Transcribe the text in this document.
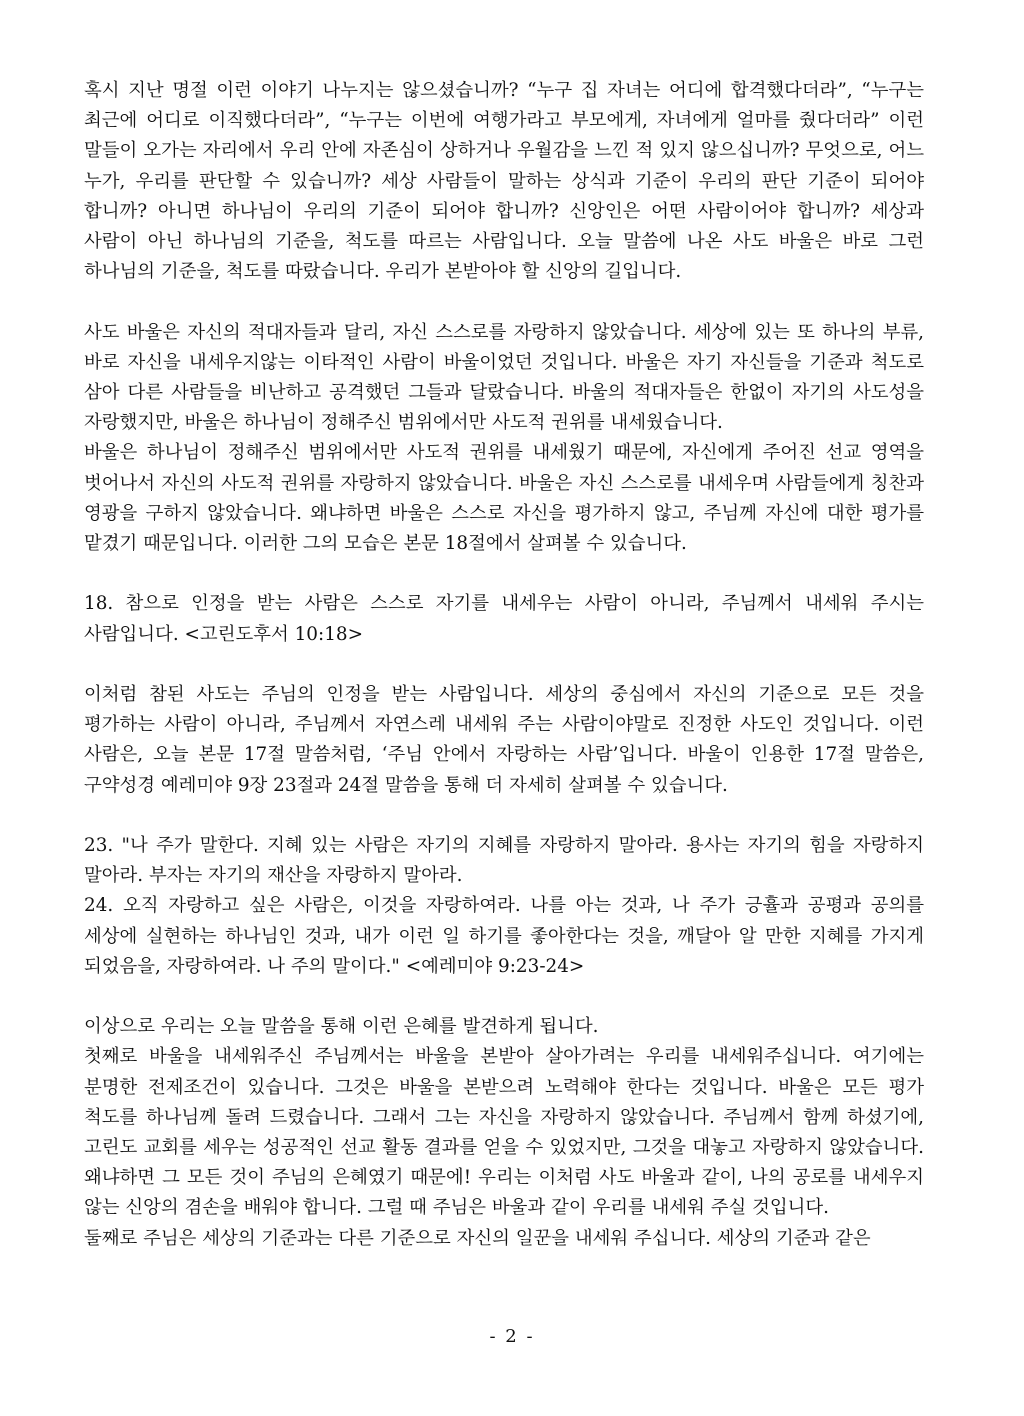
혹시 지난 명절 이런 이야기 나누지는 않으셨습니까? “누구 집 자녀는 어디에 합격했다더라”, “누구는 최근에 어디로 이직했다더라”, “누구는 이번에 여행가라고 부모에게, 자녀에게 얼마를 줬다더라” 이런 말들이 오가는 자리에서 우리 안에 자존심이 상하거나 우월감을 느낀 적 있지 않으십니까? 무엇으로, 어느 누가, 우리를 판단할 수 있습니까? 세상 사람들이 말하는 상식과 기준이 우리의 판단 기준이 되어야 합니까? 아니면 하나님이 우리의 기준이 되어야 합니까? 신앙인은 어떤 사람이어야 합니까? 세상과 사람이 아닌 하나님의 기준을, 척도를 따르는 사람입니다. 오늘 말씀에 나온 사도 바울은 바로 그런 하나님의 기준을, 척도를 따랐습니다. 우리가 본받아야 할 신앙의 길입니다.

사도 바울은 자신의 적대자들과 달리, 자신 스스로를 자랑하지 않았습니다. 세상에 있는 또 하나의 부류, 바로 자신을 내세우지않는 이타적인 사람이 바울이었던 것입니다. 바울은 자기 자신들을 기준과 척도로 삼아 다른 사람들을 비난하고 공격했던 그들과 달랐습니다. 바울의 적대자들은 한없이 자기의 사도성을 자랑했지만, 바울은 하나님이 정해주신 범위에서만 사도적 권위를 내세웠습니다.

바울은 하나님이 정해주신 범위에서만 사도적 권위를 내세웠기 때문에, 자신에게 주어진 선교 영역을 벗어나서 자신의 사도적 권위를 자랑하지 않았습니다. 바울은 자신 스스로를 내세우며 사람들에게 칭찬과 영광을 구하지 않았습니다. 왜냐하면 바울은 스스로 자신을 평가하지 않고, 주님께 자신에 대한 평가를 맡겼기 때문입니다. 이러한 그의 모습은 본문 18절에서 살펴볼 수 있습니다.

18. 참으로 인정을 받는 사람은 스스로 자기를 내세우는 사람이 아니라, 주님께서 내세워 주시는 사람입니다. <고린도후서 10:18>

이처럼 참된 사도는 주님의 인정을 받는 사람입니다. 세상의 중심에서 자신의 기준으로 모든 것을 평가하는 사람이 아니라, 주님께서 자연스레 내세워 주는 사람이야말로 진정한 사도인 것입니다. 이런 사람은, 오늘 본문 17절 말씀처럼, ‘주님 안에서 자랑하는 사람’입니다. 바울이 인용한 17절 말씀은, 구약성경 예레미야 9장 23절과 24절 말씀을 통해 더 자세히 살펴볼 수 있습니다.

23. "나 주가 말한다. 지혜 있는 사람은 자기의 지혜를 자랑하지 말아라. 용사는 자기의 힘을 자랑하지 말아라. 부자는 자기의 재산을 자랑하지 말아라.

24. 오직 자랑하고 싶은 사람은, 이것을 자랑하여라. 나를 아는 것과, 나 주가 긍휼과 공평과 공의를 세상에 실현하는 하나님인 것과, 내가 이런 일 하기를 좋아한다는 것을, 깨달아 알 만한 지혜를 가지게 되었음을, 자랑하여라. 나 주의 말이다." <예레미야 9:23-24>

이상으로 우리는 오늘 말씀을 통해 이런 은혜를 발견하게 됩니다.

첫째로 바울을 내세워주신 주님께서는 바울을 본받아 살아가려는 우리를 내세워주십니다. 여기에는 분명한 전제조건이 있습니다. 그것은 바울을 본받으려 노력해야 한다는 것입니다. 바울은 모든 평가 척도를 하나님께 돌려 드렸습니다. 그래서 그는 자신을 자랑하지 않았습니다. 주님께서 함께 하셨기에, 고린도 교회를 세우는 성공적인 선교 활동 결과를 얻을 수 있었지만, 그것을 대놓고 자랑하지 않았습니다. 왜냐하면 그 모든 것이 주님의 은혜였기 때문에! 우리는 이처럼 사도 바울과 같이, 나의 공로를 내세우지 않는 신앙의 겸손을 배워야 합니다. 그럴 때 주님은 바울과 같이 우리를 내세워 주실 것입니다.

둘째로 주님은 세상의 기준과는 다른 기준으로 자신의 일꾼을 내세워 주십니다. 세상의 기준과 같은

- 2 -
